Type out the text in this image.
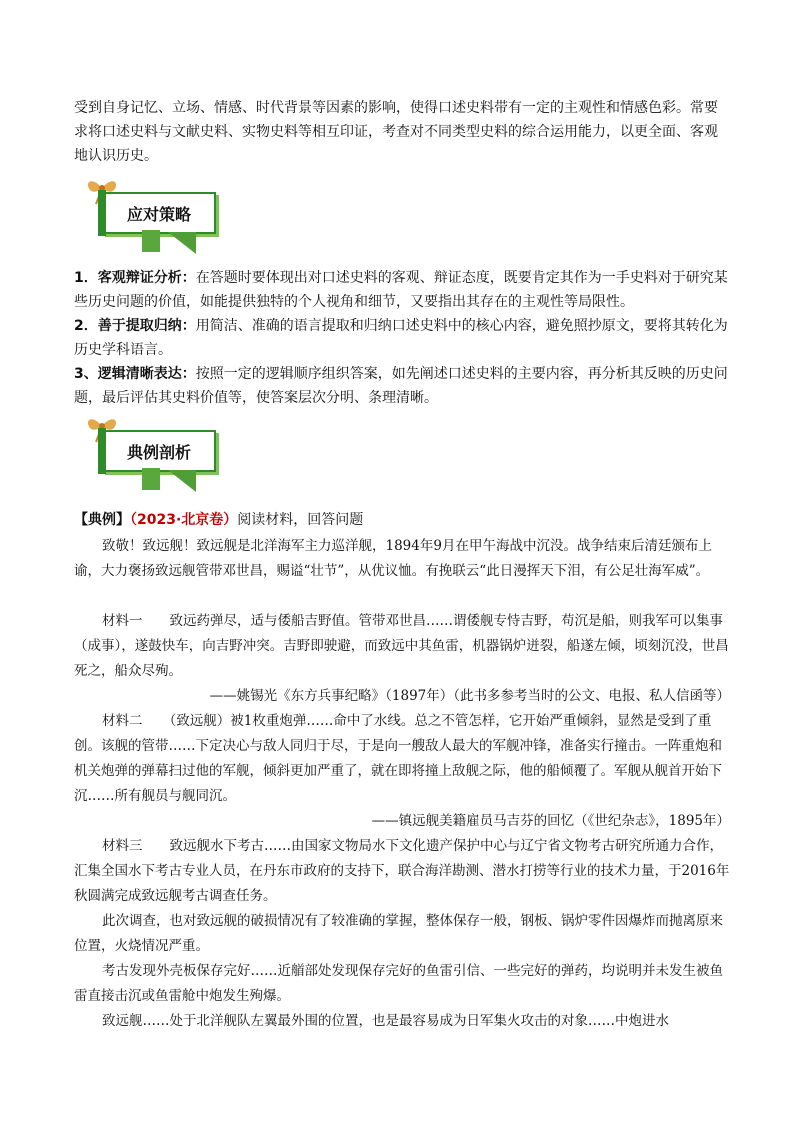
受到自身记忆、立场、情感、时代背景等因素的影响，使得口述史料带有一定的主观性和情感色彩。常要求将口述史料与文献史料、实物史料等相互印证，考查对不同类型史料的综合运用能力，以更全面、客观地认识历史。

应对策略

1．客观辩证分析：在答题时要体现出对口述史料的客观、辩证态度，既要肯定其作为一手史料对于研究某些历史问题的价值，如能提供独特的个人视角和细节，又要指出其存在的主观性等局限性。

2．善于提取归纳：用简洁、准确的语言提取和归纳口述史料中的核心内容，避免照抄原文，要将其转化为历史学科语言。

3、逻辑清晰表达：按照一定的逻辑顺序组织答案，如先阐述口述史料的主要内容，再分析其反映的历史问题，最后评估其史料价值等，使答案层次分明、条理清晰。

典例剖析

【典例】（2023·北京卷）阅读材料，回答问题

致敬！致远舰！致远舰是北洋海军主力巡洋舰，1894年9月在甲午海战中沉没。战争结束后清廷颁布上谕，大力褒扬致远舰管带邓世昌，赐谥“壮节”，从优议恤。有挽联云“此日漫挥天下泪，有公足壮海军威”。

材料一　　致远药弹尽，适与倭船吉野值。管带邓世昌……谓倭舰专恃吉野，苟沉是船，则我军可以集事（成事），遂鼓快车，向吉野冲突。吉野即驶避，而致远中其鱼雷，机器锅炉迸裂，船遂左倾，顷刻沉没，世昌死之，船众尽殉。

——姚锡光《东方兵事纪略》（1897年）（此书多参考当时的公文、电报、私人信函等）

材料二　　（致远舰）被1枚重炮弹……命中了水线。总之不管怎样，它开始严重倾斜，显然是受到了重创。该舰的管带……下定决心与敌人同归于尽，于是向一艘敌人最大的军舰冲锋，准备实行撞击。一阵重炮和机关炮弹的弹幕扫过他的军舰，倾斜更加严重了，就在即将撞上敌舰之际，他的船倾覆了。军舰从舰首开始下沉……所有舰员与舰同沉。

——镇远舰美籍雇员马吉芬的回忆（《世纪杂志》，1895年）

材料三　　致远舰水下考古……由国家文物局水下文化遗产保护中心与辽宁省文物考古研究所通力合作，汇集全国水下考古专业人员，在丹东市政府的支持下，联合海洋勘测、潜水打捞等行业的技术力量，于2016年秋圆满完成致远舰考古调查任务。

此次调查，也对致远舰的破损情况有了较准确的掌握，整体保存一般，钢板、锅炉零件因爆炸而抛离原来位置，火烧情况严重。

考古发现外壳板保存完好……近艏部处发现保存完好的鱼雷引信、一些完好的弹药，均说明并未发生被鱼雷直接击沉或鱼雷舱中炮发生殉爆。

致远舰……处于北洋舰队左翼最外围的位置，也是最容易成为日军集火攻击的对象……中炮进水
